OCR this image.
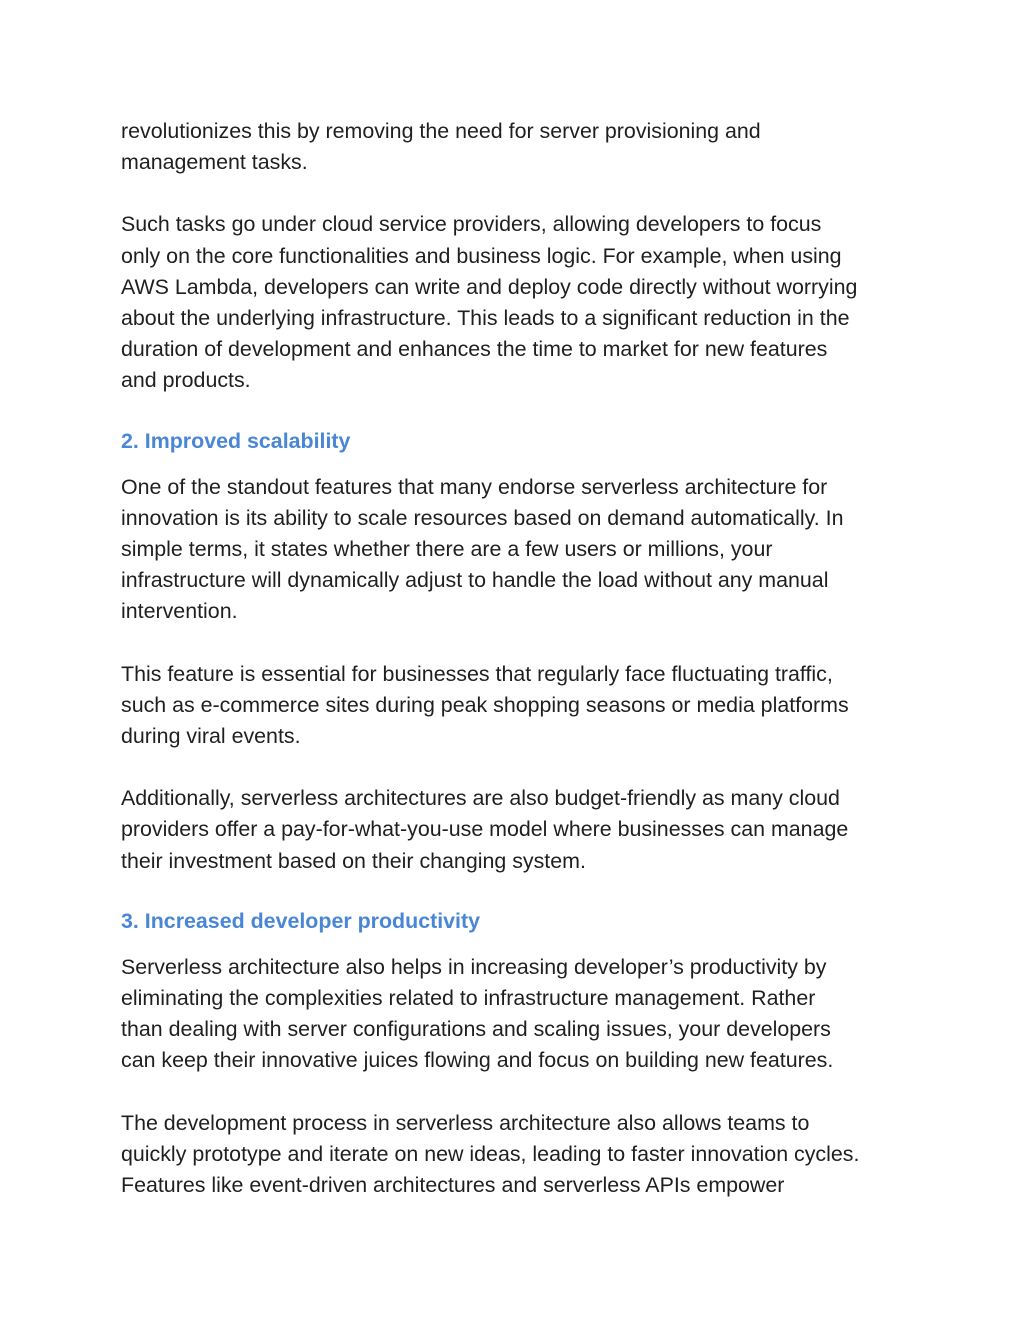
revolutionizes this by removing the need for server provisioning and
management tasks.

Such tasks go under cloud service providers, allowing developers to focus
only on the core functionalities and business logic. For example, when using
AWS Lambda, developers can write and deploy code directly without worrying
about the underlying infrastructure. This leads to a significant reduction in the
duration of development and enhances the time to market for new features
and products.

2. Improved scalability

One of the standout features that many endorse serverless architecture for
innovation is its ability to scale resources based on demand automatically. In
simple terms, it states whether there are a few users or millions, your
infrastructure will dynamically adjust to handle the load without any manual
intervention.

This feature is essential for businesses that regularly face fluctuating traffic,
such as e-commerce sites during peak shopping seasons or media platforms
during viral events.

Additionally, serverless architectures are also budget-friendly as many cloud
providers offer a pay-for-what-you-use model where businesses can manage
their investment based on their changing system.

3. Increased developer productivity

Serverless architecture also helps in increasing developer’s productivity by
eliminating the complexities related to infrastructure management. Rather
than dealing with server configurations and scaling issues, your developers
can keep their innovative juices flowing and focus on building new features.

The development process in serverless architecture also allows teams to
quickly prototype and iterate on new ideas, leading to faster innovation cycles.
Features like event-driven architectures and serverless APIs empower
